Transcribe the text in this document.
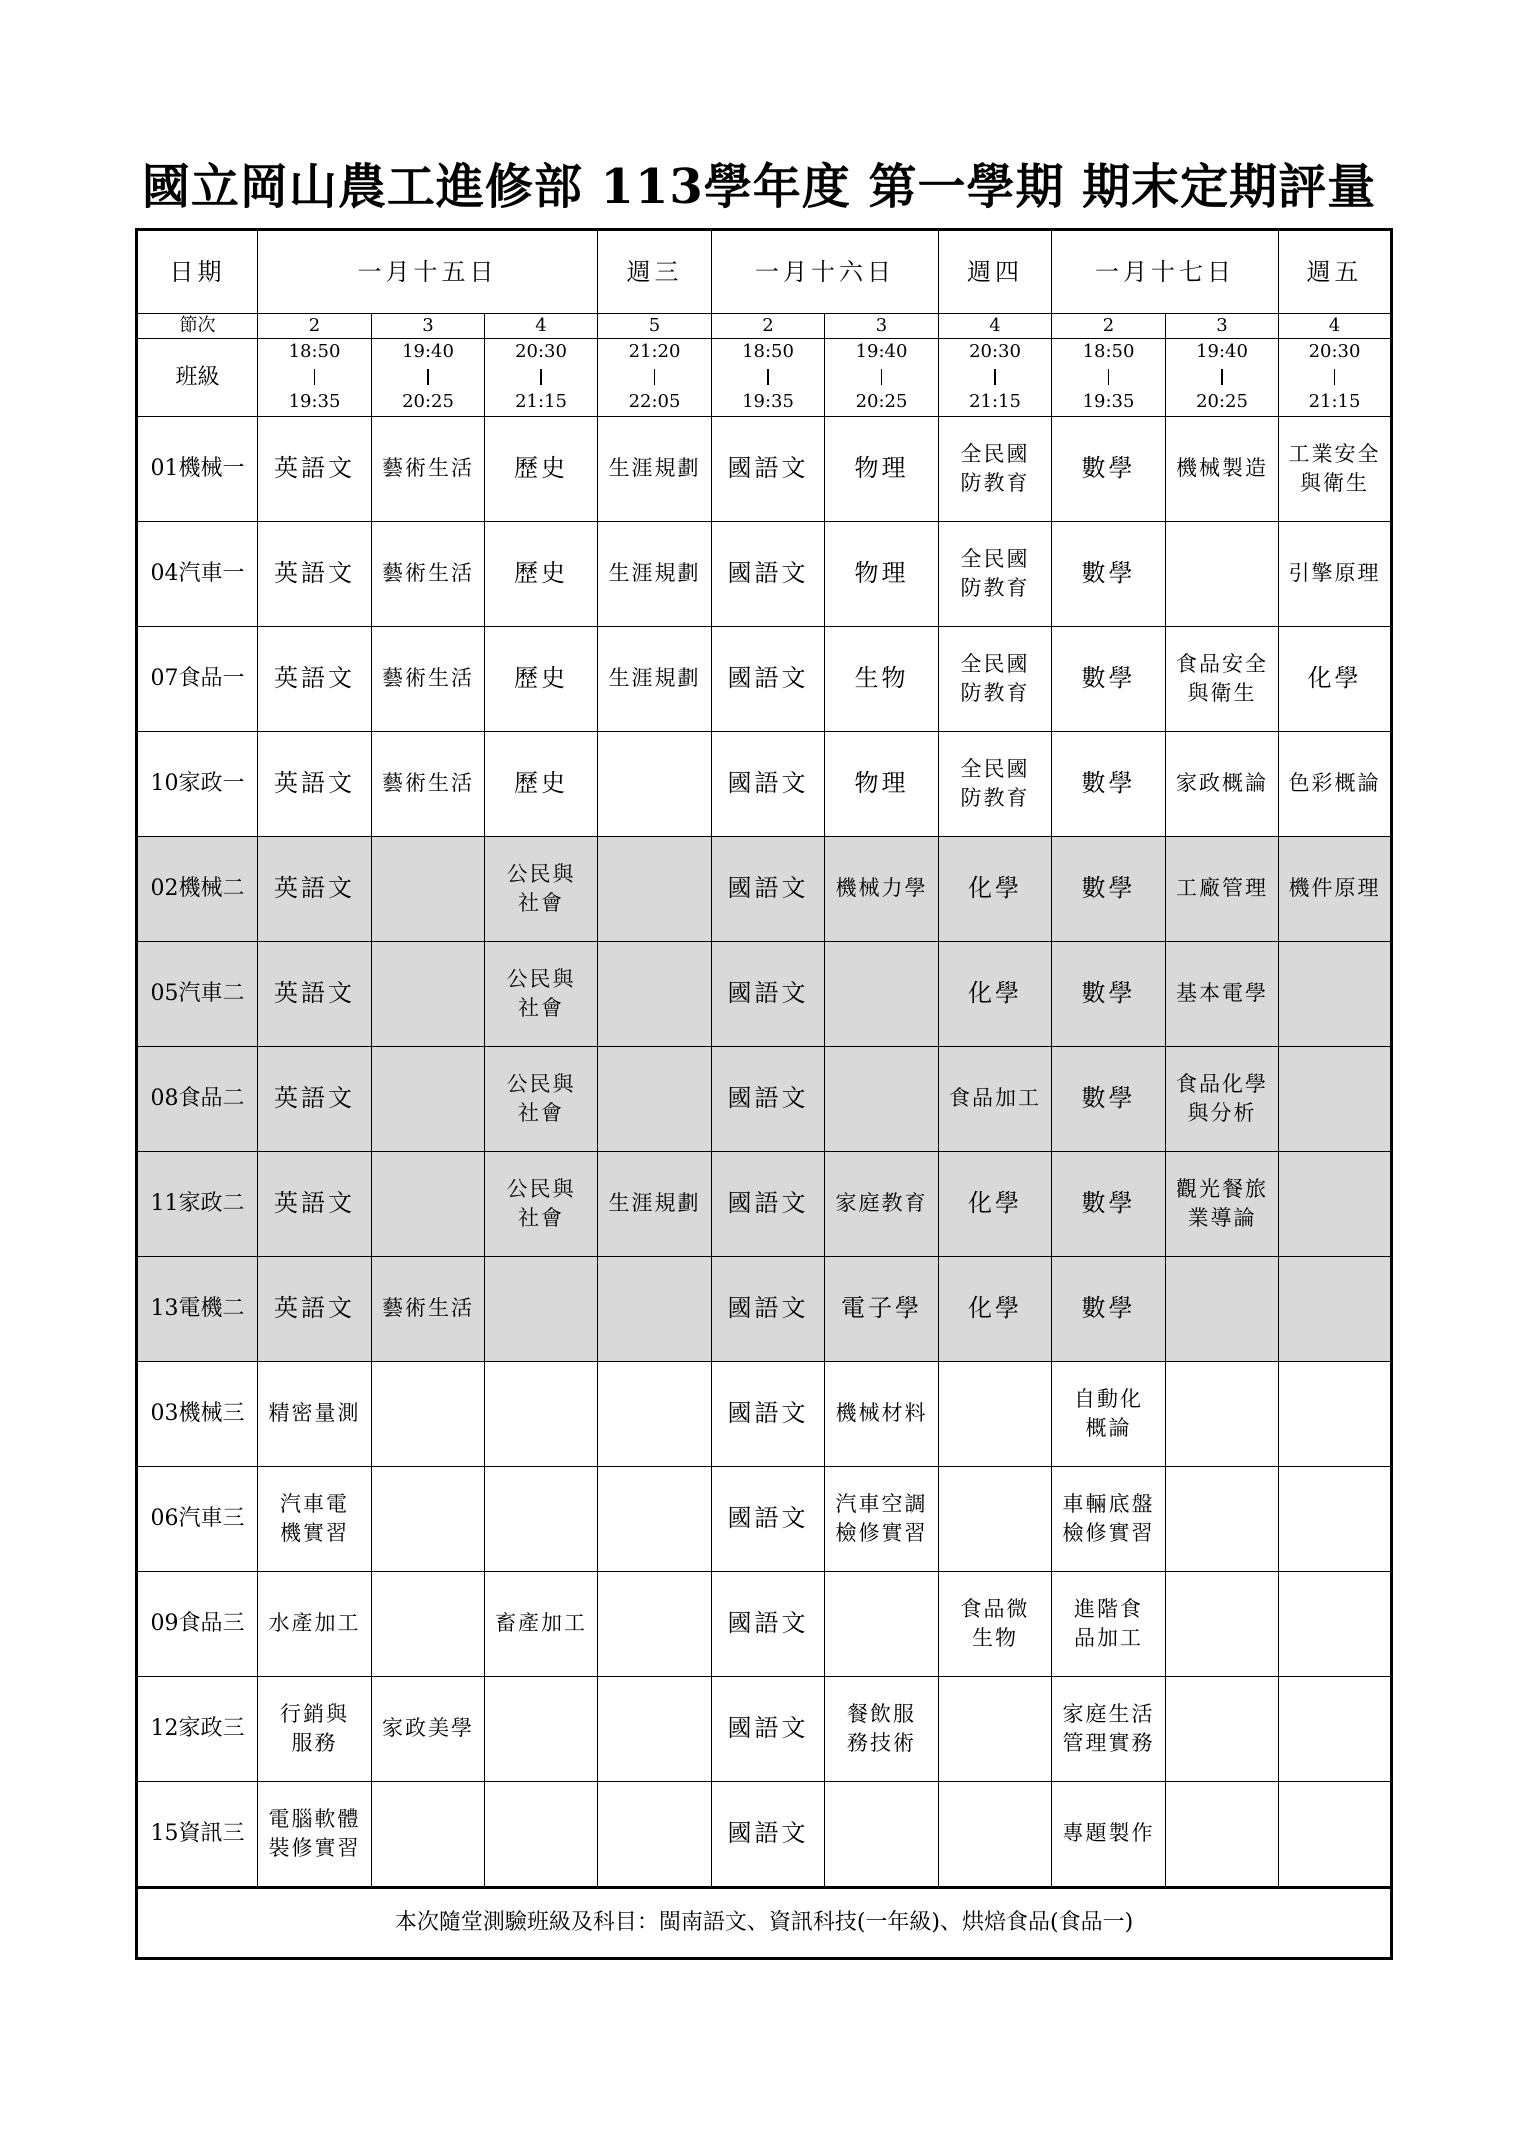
國立岡山農工進修部 113學年度 第一學期 期末定期評量
日期	一月十五日			週三	一月十六日		週四	一月十七日		週五
節次	2	3	4	5	2	3	4	2	3	4
班級	18:50	19:40	20:30	21:20	18:50	19:40	20:30	18:50	19:40	20:30

	19:35	20:25	21:15	22:05	19:35	20:25	21:15	19:35	20:25	21:15
01機械一	英語文	藝術生活	歷史	生涯規劃	國語文	物理	全民國防教育	數學	機械製造	工業安全與衛生
04汽車一	英語文	藝術生活	歷史	生涯規劃	國語文	物理	全民國防教育	數學		引擎原理
07食品一	英語文	藝術生活	歷史	生涯規劃	國語文	生物	全民國防教育	數學	食品安全與衛生	化學
10家政一	英語文	藝術生活	歷史		國語文	物理	全民國防教育	數學	家政概論	色彩概論
02機械二	英語文		公民與社會		國語文	機械力學	化學	數學	工廠管理	機件原理
05汽車二	英語文		公民與社會		國語文		化學	數學	基本電學	
08食品二	英語文		公民與社會		國語文		食品加工	數學	食品化學與分析	
11家政二	英語文		公民與社會	生涯規劃	國語文	家庭教育	化學	數學	觀光餐旅業導論	
13電機二	英語文	藝術生活			國語文	電子學	化學	數學		
03機械三	精密量測				國語文	機械材料		自動化概論		
06汽車三	汽車電機實習				國語文	汽車空調檢修實習		車輛底盤檢修實習		
09食品三	水產加工		畜產加工		國語文		食品微生物	進階食品加工		
12家政三	行銷與服務	家政美學			國語文	餐飲服務技術		家庭生活管理實務		
15資訊三	電腦軟體裝修實習				國語文			專題製作		
本次隨堂測驗班級及科目：閩南語文、資訊科技(一年級)、烘焙食品(食品一)										
